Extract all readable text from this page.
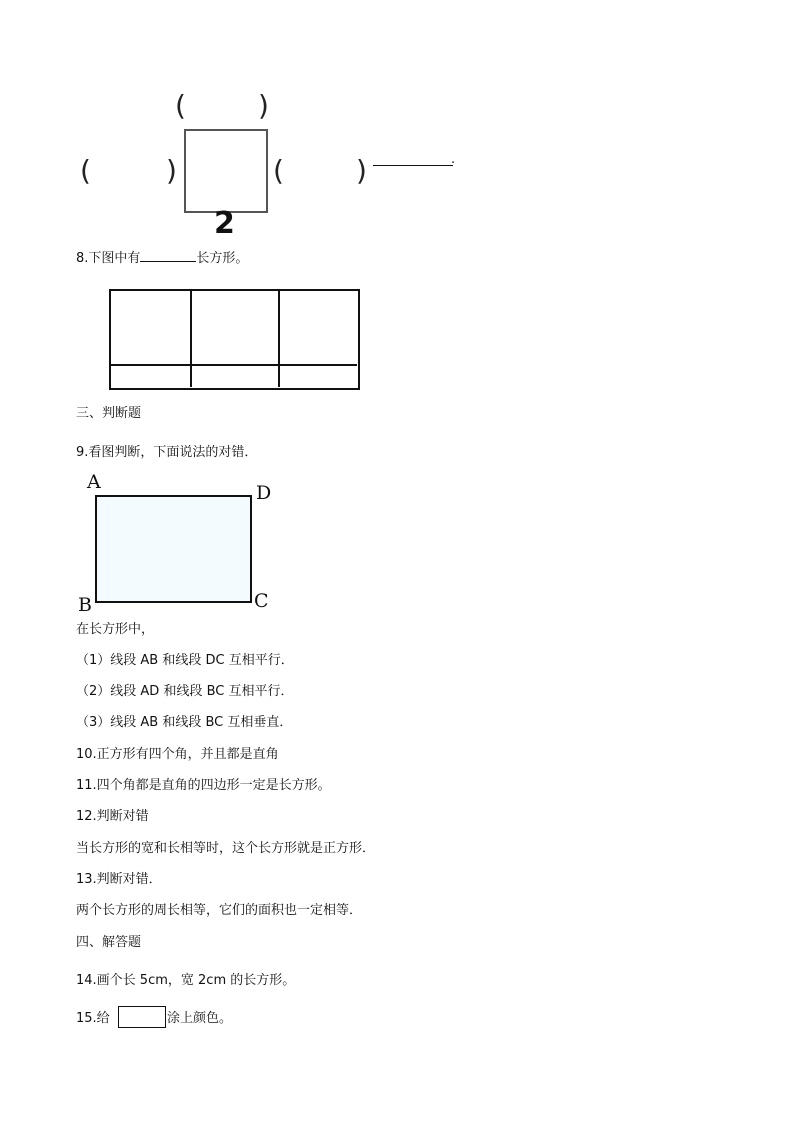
(	)
(	)	(	)	.
2
8.下图中有	长方形。
三、判断题
9.看图判断，下面说法的对错．
A	D
B	C
在长方形中，
（1）线段 AB 和线段 DC 互相平行．
（2）线段 AD 和线段 BC 互相平行．
（3）线段 AB 和线段 BC 互相垂直．
10.正方形有四个角，并且都是直角
11.四个角都是直角的四边形一定是长方形。
12.判断对错
当长方形的宽和长相等时，这个长方形就是正方形．
13.判断对错．
两个长方形的周长相等，它们的面积也一定相等．
四、解答题
14.画个长 5cm，宽 2cm 的长方形。
15.给	涂上颜色。
